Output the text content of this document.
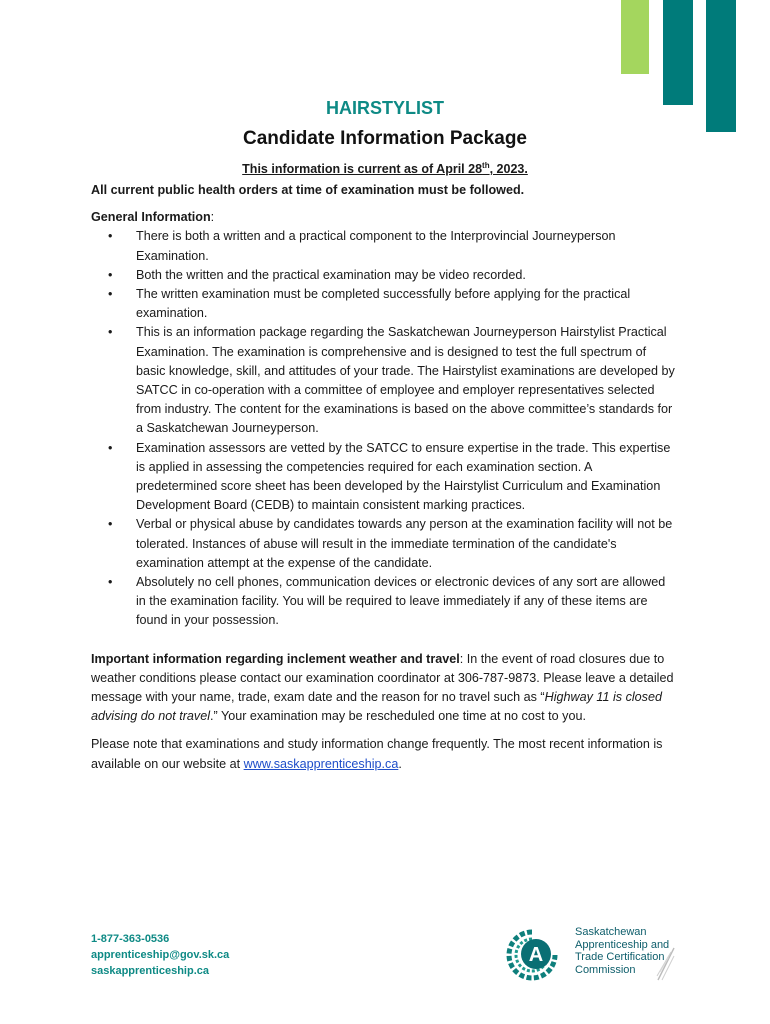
HAIRSTYLIST
Candidate Information Package
This information is current as of April 28th, 2023.

All current public health orders at time of examination must be followed.

General Information:

• There is both a written and a practical component to the Interprovincial Journeyperson Examination.
• Both the written and the practical examination may be video recorded.
• The written examination must be completed successfully before applying for the practical examination.
• This is an information package regarding the Saskatchewan Journeyperson Hairstylist Practical Examination. The examination is comprehensive and is designed to test the full spectrum of basic knowledge, skill, and attitudes of your trade. The Hairstylist examinations are developed by SATCC in co-operation with a committee of employee and employer representatives selected from industry. The content for the examinations is based on the above committee’s standards for a Saskatchewan Journeyperson.
• Examination assessors are vetted by the SATCC to ensure expertise in the trade. This expertise is applied in assessing the competencies required for each examination section. A predetermined score sheet has been developed by the Hairstylist Curriculum and Examination Development Board (CEDB) to maintain consistent marking practices.
• Verbal or physical abuse by candidates towards any person at the examination facility will not be tolerated. Instances of abuse will result in the immediate termination of the candidate's examination attempt at the expense of the candidate.
• Absolutely no cell phones, communication devices or electronic devices of any sort are allowed in the examination facility. You will be required to leave immediately if any of these items are found in your possession.

Important information regarding inclement weather and travel: In the event of road closures due to weather conditions please contact our examination coordinator at 306-787-9873. Please leave a detailed message with your name, trade, exam date and the reason for no travel such as “Highway 11 is closed advising do not travel.” Your examination may be rescheduled one time at no cost to you.

Please note that examinations and study information change frequently. The most recent information is available on our website at www.saskapprenticeship.ca.

1-877-363-0536
apprenticeship@gov.sk.ca
saskapprenticeship.ca
A
Saskatchewan
Apprenticeship and
Trade Certification
Commission
